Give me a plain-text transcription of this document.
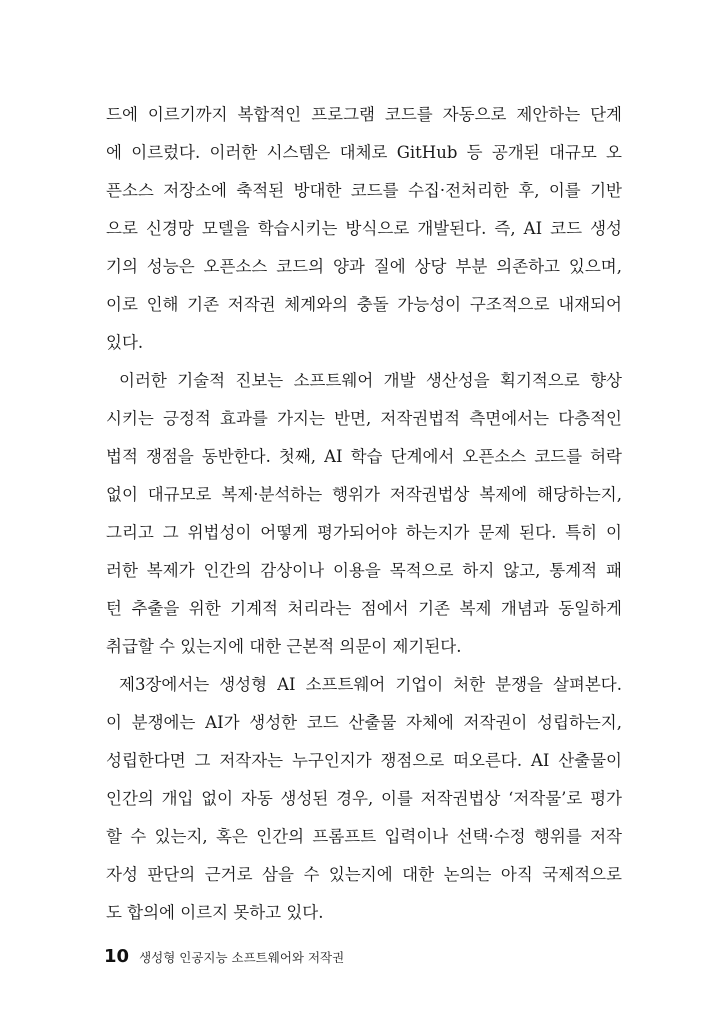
드에 이르기까지 복합적인 프로그램 코드를 자동으로 제안하는 단계
에 이르렀다. 이러한 시스템은 대체로 GitHub 등 공개된 대규모 오
픈소스 저장소에 축적된 방대한 코드를 수집·전처리한 후, 이를 기반
으로 신경망 모델을 학습시키는 방식으로 개발된다. 즉, AI 코드 생성
기의 성능은 오픈소스 코드의 양과 질에 상당 부분 의존하고 있으며,
이로 인해 기존 저작권 체계와의 충돌 가능성이 구조적으로 내재되어
있다.
이러한 기술적 진보는 소프트웨어 개발 생산성을 획기적으로 향상
시키는 긍정적 효과를 가지는 반면, 저작권법적 측면에서는 다층적인
법적 쟁점을 동반한다. 첫째, AI 학습 단계에서 오픈소스 코드를 허락
없이 대규모로 복제·분석하는 행위가 저작권법상 복제에 해당하는지,
그리고 그 위법성이 어떻게 평가되어야 하는지가 문제 된다. 특히 이
러한 복제가 인간의 감상이나 이용을 목적으로 하지 않고, 통계적 패
턴 추출을 위한 기계적 처리라는 점에서 기존 복제 개념과 동일하게
취급할 수 있는지에 대한 근본적 의문이 제기된다.
제3장에서는 생성형 AI 소프트웨어 기업이 처한 분쟁을 살펴본다.
이 분쟁에는 AI가 생성한 코드 산출물 자체에 저작권이 성립하는지,
성립한다면 그 저작자는 누구인지가 쟁점으로 떠오른다. AI 산출물이
인간의 개입 없이 자동 생성된 경우, 이를 저작권법상 ‘저작물’로 평가
할 수 있는지, 혹은 인간의 프롬프트 입력이나 선택·수정 행위를 저작
자성 판단의 근거로 삼을 수 있는지에 대한 논의는 아직 국제적으로
도 합의에 이르지 못하고 있다.
10 생성형 인공지능 소프트웨어와 저작권
